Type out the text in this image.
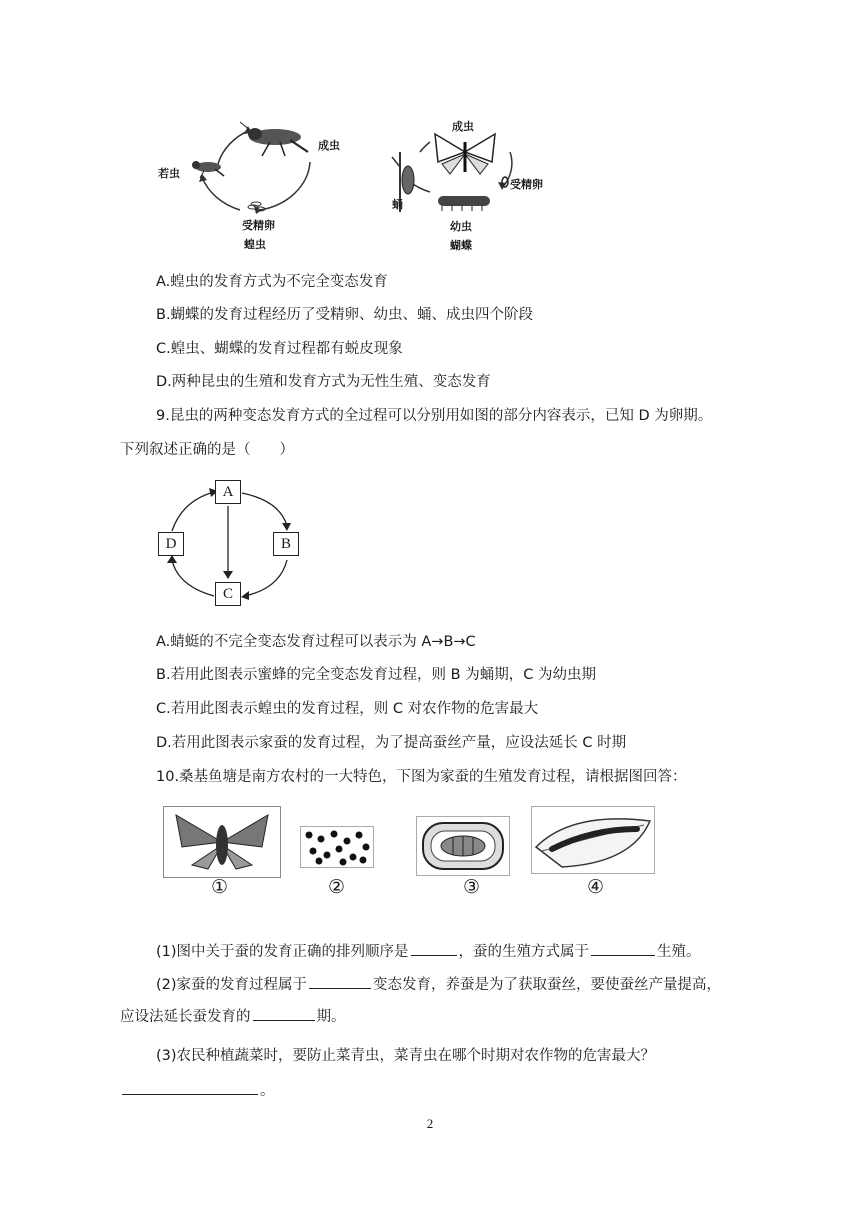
成虫
若虫
受精卵
蝗虫
成虫
受精卵
蛹
幼虫
蝴蝶
A.蝗虫的发育方式为不完全变态发育
B.蝴蝶的发育过程经历了受精卵、幼虫、蛹、成虫四个阶段
C.蝗虫、蝴蝶的发育过程都有蜕皮现象
D.两种昆虫的生殖和发育方式为无性生殖、变态发育
9.昆虫的两种变态发育方式的全过程可以分别用如图的部分内容表示，已知 D 为卵期。
下列叙述正确的是（　　）
A
B
C
D
A.蜻蜓的不完全变态发育过程可以表示为 A→B→C
B.若用此图表示蜜蜂的完全变态发育过程，则 B 为蛹期，C 为幼虫期
C.若用此图表示蝗虫的发育过程，则 C 对农作物的危害最大
D.若用此图表示家蚕的发育过程，为了提高蚕丝产量，应设法延长 C 时期
10.桑基鱼塘是南方农村的一大特色，下图为家蚕的生殖发育过程，请根据图回答：
①	②	③	④
(1)图中关于蚕的发育正确的排列顺序是	，蚕的生殖方式属于	生殖。
(2)家蚕的发育过程属于	变态发育，养蚕是为了获取蚕丝，要使蚕丝产量提高，
应设法延长蚕发育的	期。
(3)农民种植蔬菜时，要防止菜青虫，菜青虫在哪个时期对农作物的危害最大？
。
2
